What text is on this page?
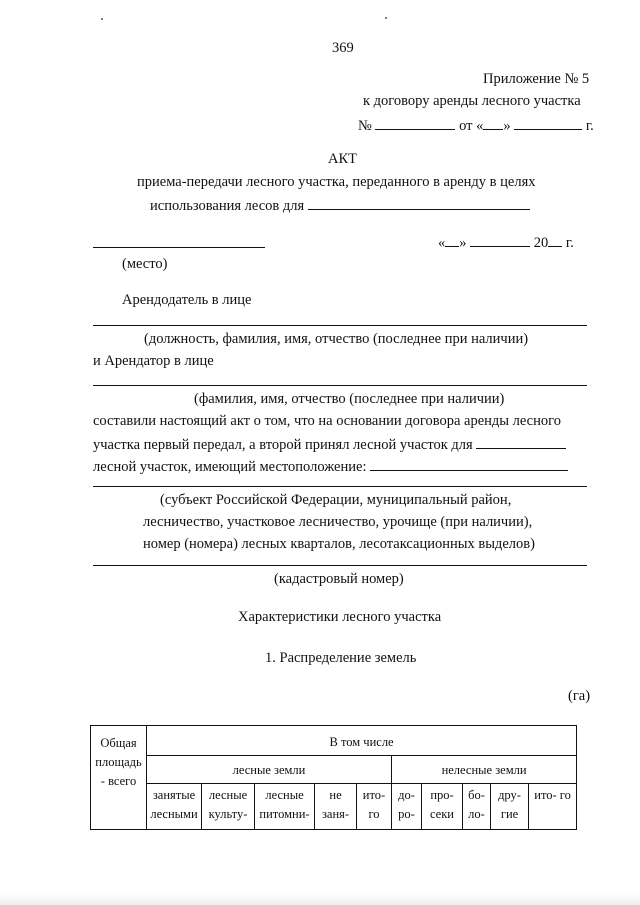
369
Приложение № 5
к договору аренды лесного участка
№	от « »	г.
АКТ
приема-передачи лесного участка, переданного в аренду в целях
использования лесов для
« »	20 г.
(место)
Арендодатель в лице
(должность, фамилия, имя, отчество (последнее при наличии)
и Арендатор в лице
(фамилия, имя, отчество (последнее при наличии)
составили настоящий акт о том, что на основании договора аренды лесного
участка первый передал, а второй принял лесной участок для
лесной участок, имеющий местоположение:
(субъект Российской Федерации, муниципальный район,
лесничество, участковое лесничество, урочище (при наличии),
номер (номера) лесных кварталов, лесотаксационных выделов)
(кадастровый номер)
Характеристики лесного участка
1. Распределение земель
(га)
Общая площадь - всего	В том числе									
	лесные земли					нелесные земли				
	занятые лесными	лесные культу-	лесные питомни-	не заня-	ито- го	до- ро-	про- секи	бо- ло-	дру- гие	ито- го
